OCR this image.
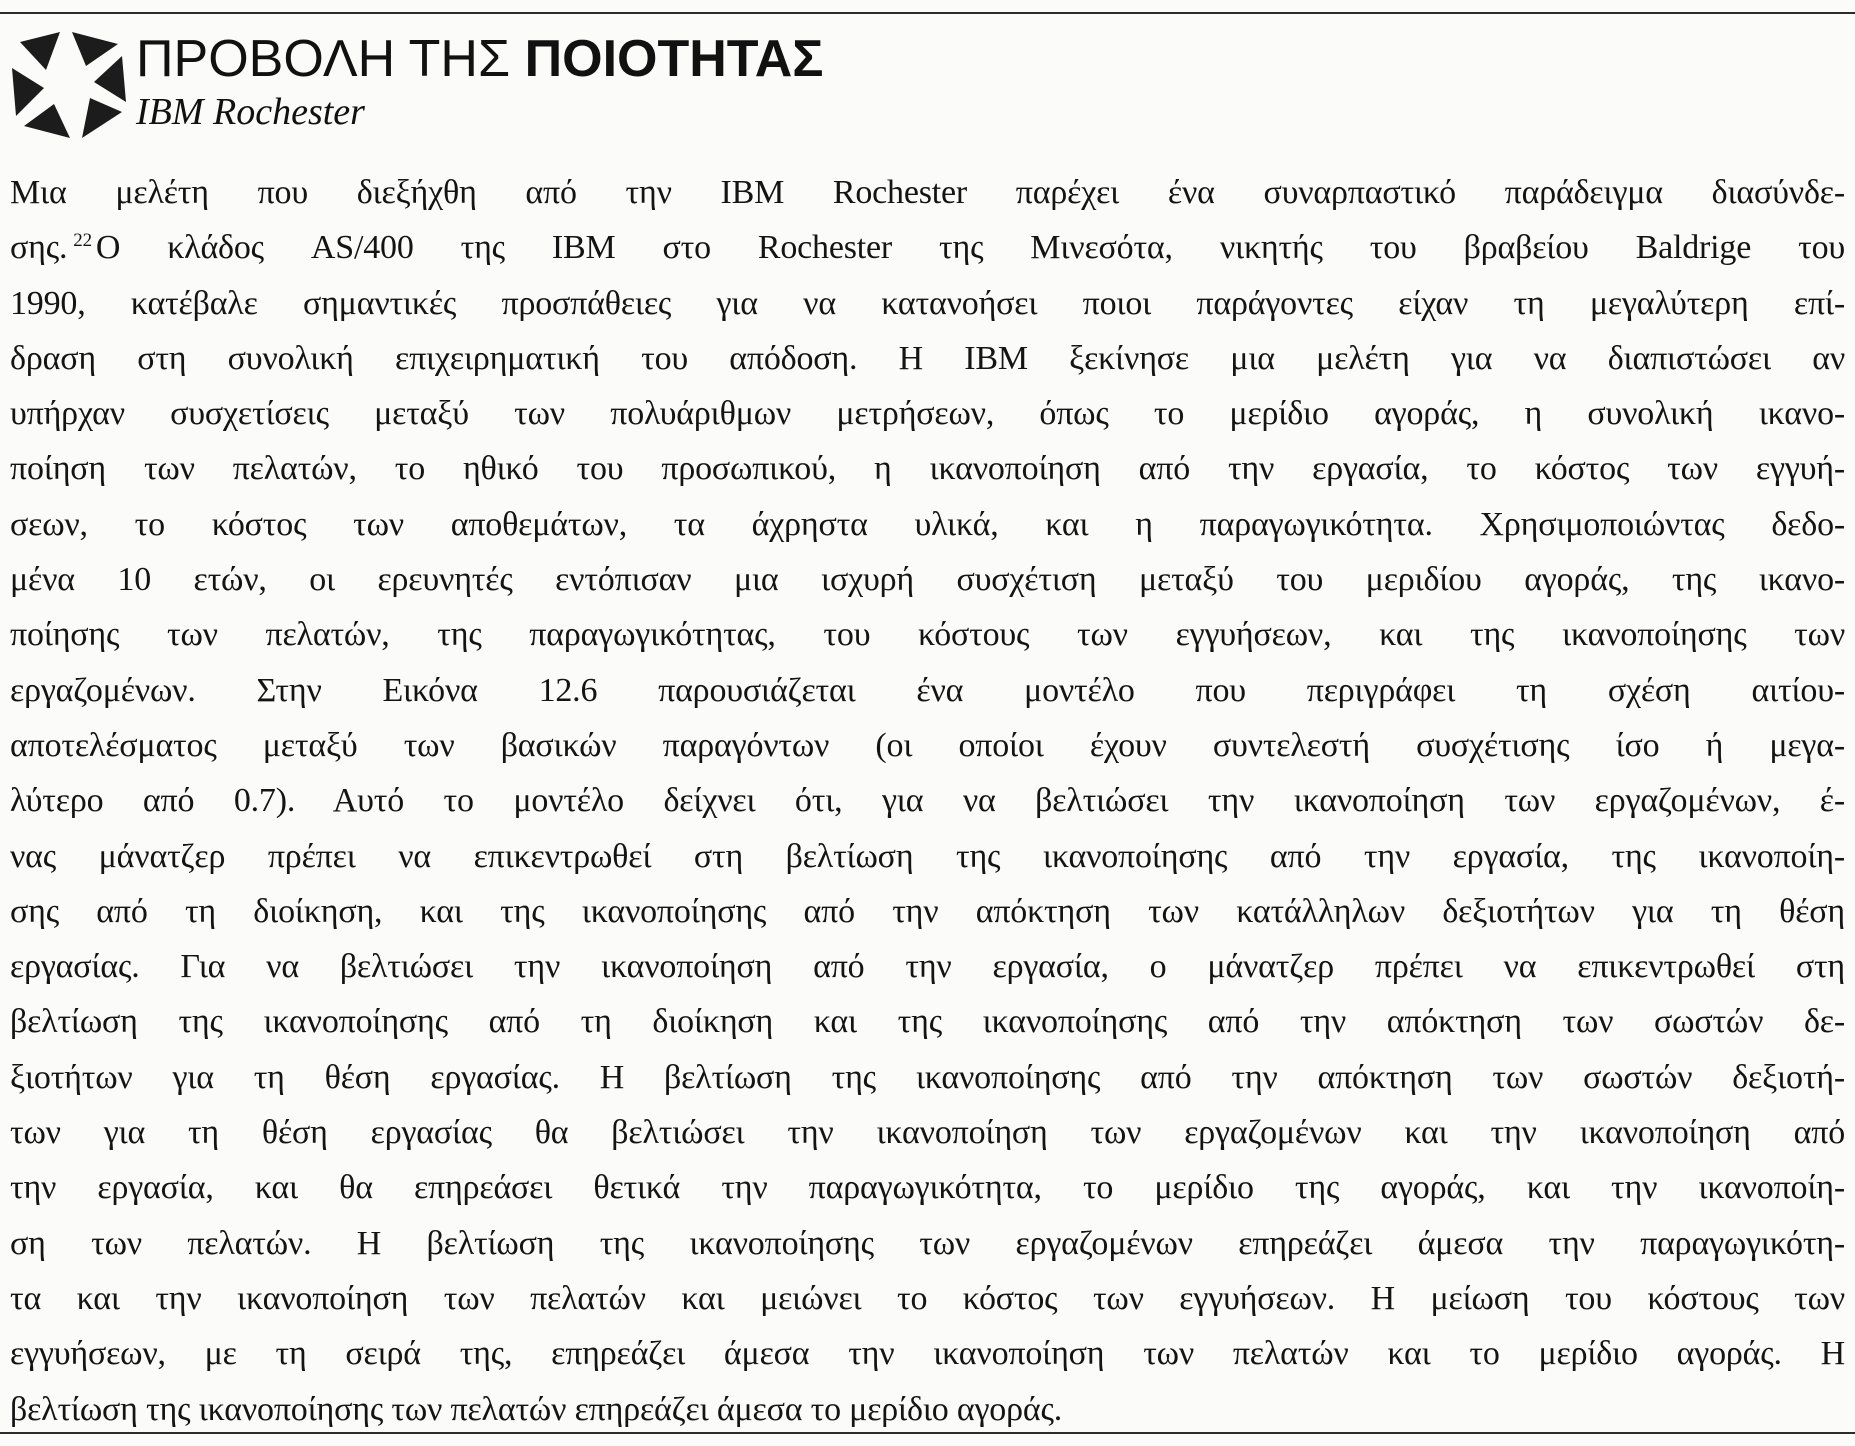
ΠΡΟΒΟΛΗ ΤΗΣ ΠΟΙΟΤΗΤΑΣ
IBM Rochester
Μια μελέτη που διεξήχθη από την IBM Rochester παρέχει ένα συναρπαστικό παράδειγμα διασύνδε-
σης. $^{22}$ Ο κλάδος AS/400 της IBM στο Rochester της Μινεσότα, νικητής του βραβείου Baldrige του
1990, κατέβαλε σημαντικές προσπάθειες για να κατανοήσει ποιοι παράγοντες είχαν τη μεγαλύτερη επί-
δραση στη συνολική επιχειρηματική του απόδοση. Η IBM ξεκίνησε μια μελέτη για να διαπιστώσει αν
υπήρχαν συσχετίσεις μεταξύ των πολυάριθμων μετρήσεων, όπως το μερίδιο αγοράς, η συνολική ικανο-
ποίηση των πελατών, το ηθικό του προσωπικού, η ικανοποίηση από την εργασία, το κόστος των εγγυή-
σεων, το κόστος των αποθεμάτων, τα άχρηστα υλικά, και η παραγωγικότητα. Χρησιμοποιώντας δεδο-
μένα 10 ετών, οι ερευνητές εντόπισαν μια ισχυρή συσχέτιση μεταξύ του μεριδίου αγοράς, της ικανο-
ποίησης των πελατών, της παραγωγικότητας, του κόστους των εγγυήσεων, και της ικανοποίησης των
εργαζομένων. Στην Εικόνα 12.6 παρουσιάζεται ένα μοντέλο που περιγράφει τη σχέση αιτίου-
αποτελέσματος μεταξύ των βασικών παραγόντων (οι οποίοι έχουν συντελεστή συσχέτισης ίσο ή μεγα-
λύτερο από 0.7). Αυτό το μοντέλο δείχνει ότι, για να βελτιώσει την ικανοποίηση των εργαζομένων, έ-
νας μάνατζερ πρέπει να επικεντρωθεί στη βελτίωση της ικανοποίησης από την εργασία, της ικανοποίη-
σης από τη διοίκηση, και της ικανοποίησης από την απόκτηση των κατάλληλων δεξιοτήτων για τη θέση
εργασίας. Για να βελτιώσει την ικανοποίηση από την εργασία, ο μάνατζερ πρέπει να επικεντρωθεί στη
βελτίωση της ικανοποίησης από τη διοίκηση και της ικανοποίησης από την απόκτηση των σωστών δε-
ξιοτήτων για τη θέση εργασίας. Η βελτίωση της ικανοποίησης από την απόκτηση των σωστών δεξιοτή-
των για τη θέση εργασίας θα βελτιώσει την ικανοποίηση των εργαζομένων και την ικανοποίηση από
την εργασία, και θα επηρεάσει θετικά την παραγωγικότητα, το μερίδιο της αγοράς, και την ικανοποίη-
ση των πελατών. Η βελτίωση της ικανοποίησης των εργαζομένων επηρεάζει άμεσα την παραγωγικότη-
τα και την ικανοποίηση των πελατών και μειώνει το κόστος των εγγυήσεων. Η μείωση του κόστους των
εγγυήσεων, με τη σειρά της, επηρεάζει άμεσα την ικανοποίηση των πελατών και το μερίδιο αγοράς. Η
βελτίωση της ικανοποίησης των πελατών επηρεάζει άμεσα το μερίδιο αγοράς.
